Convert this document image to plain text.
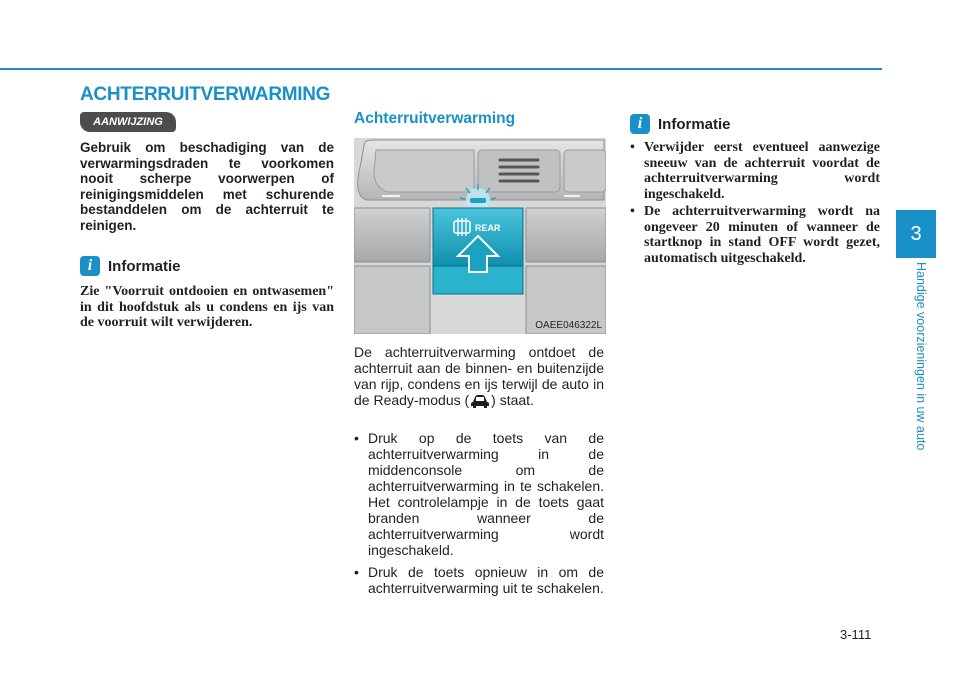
ACHTERRUITVERWARMING
AANWIJZING
Gebruik om beschadiging van de verwarmingsdraden te voorkomen nooit scherpe voorwerpen of reinigingsmiddelen met schurende bestanddelen om de achterruit te reinigen.
i	Informatie
Zie "Voorruit ontdooien en ontwasemen" in dit hoofdstuk als u condens en ijs van de voorruit wilt verwijderen.
Achterruitverwarming
REAR
OAEE046322L
De achterruitverwarming ontdoet de achterruit aan de binnen- en buitenzijde van rijp, condens en ijs terwijl de auto in de Ready-modus ( ) staat.
• Druk op de toets van de achterruitverwarming in de middenconsole om de achterruitverwarming in te schakelen. Het controlelampje in de toets gaat branden wanneer de achterruitverwarming wordt ingeschakeld.
• Druk de toets opnieuw in om de achterruitverwarming uit te schakelen.
i	Informatie
• Verwijder eerst eventueel aanwezige sneeuw van de achterruit voordat de achterruitverwarming wordt ingeschakeld.
• De achterruitverwarming wordt na ongeveer 20 minuten of wanneer de startknop in stand OFF wordt gezet, automatisch uitgeschakeld.
3
Handige voorzieningen in uw auto
3-111
